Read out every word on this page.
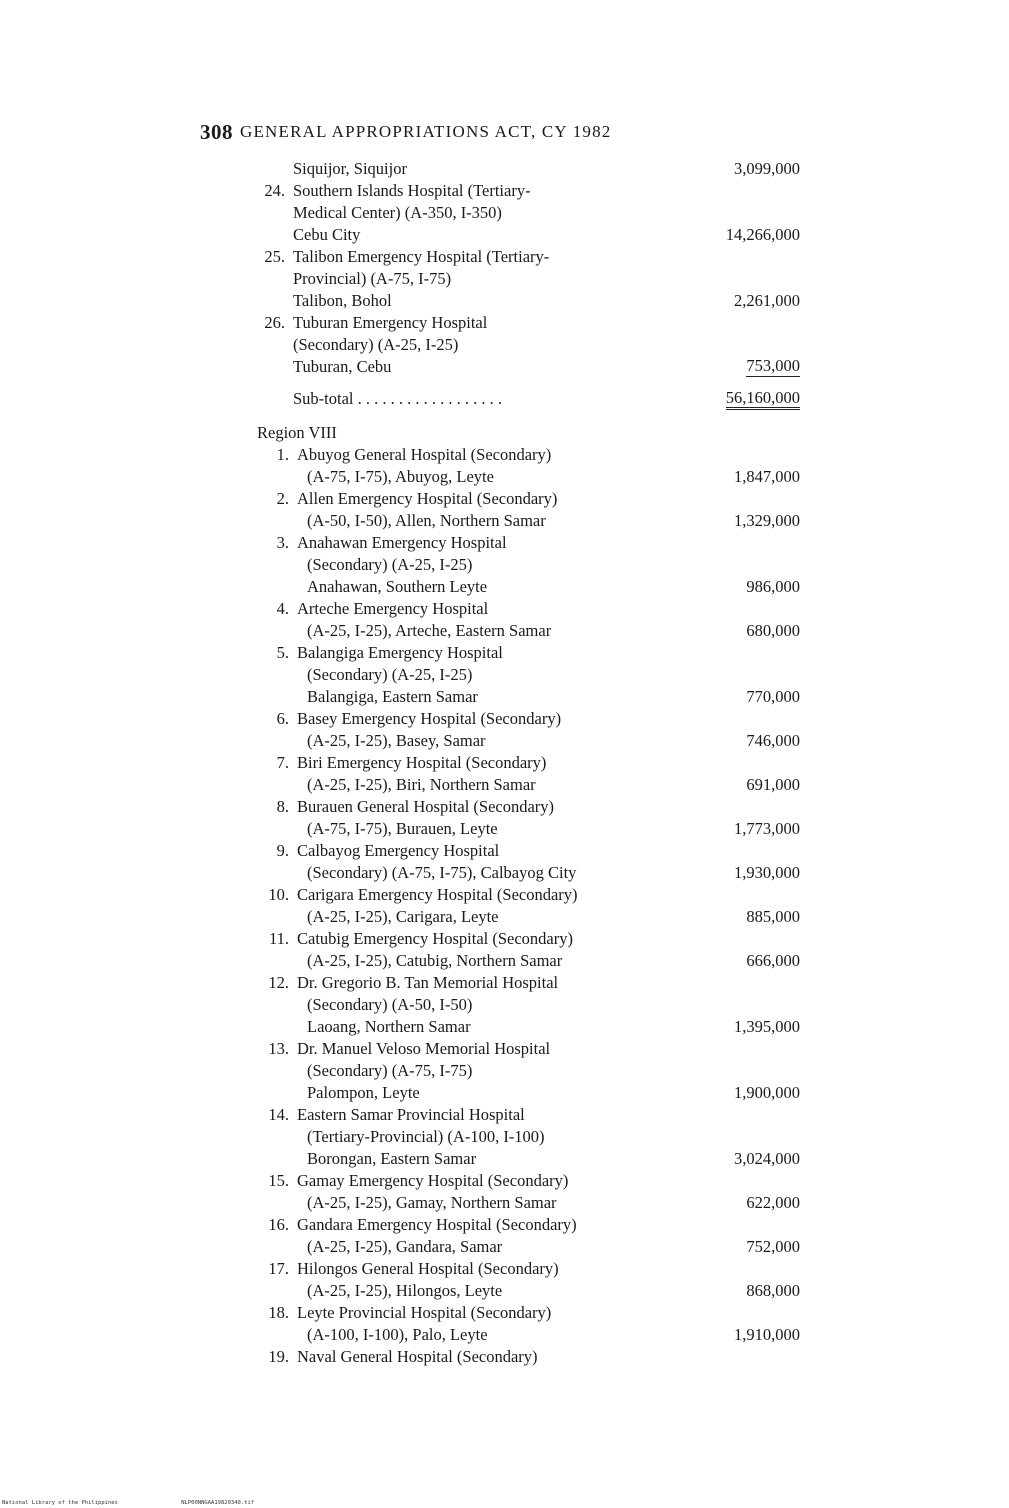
308 GENERAL APPROPRIATIONS ACT, CY 1982
Siquijor, Siquijor	3,099,000
24. Southern Islands Hospital (Tertiary-
Medical Center) (A-350, I-350)
Cebu City	14,266,000
25. Talibon Emergency Hospital (Tertiary-
Provincial) (A-75, I-75)
Talibon, Bohol	2,261,000
26. Tuburan Emergency Hospital
(Secondary) (A-25, I-25)
Tuburan, Cebu	753,000
Sub-total . . . . . . . . . . . . . . . . . .	56,160,000
Region VIII
1. Abuyog General Hospital (Secondary)
(A-75, I-75), Abuyog, Leyte	1,847,000
2. Allen Emergency Hospital (Secondary)
(A-50, I-50), Allen, Northern Samar	1,329,000
3. Anahawan Emergency Hospital
(Secondary) (A-25, I-25)
Anahawan, Southern Leyte	986,000
4. Arteche Emergency Hospital
(A-25, I-25), Arteche, Eastern Samar	680,000
5. Balangiga Emergency Hospital
(Secondary) (A-25, I-25)
Balangiga, Eastern Samar	770,000
6. Basey Emergency Hospital (Secondary)
(A-25, I-25), Basey, Samar	746,000
7. Biri Emergency Hospital (Secondary)
(A-25, I-25), Biri, Northern Samar	691,000
8. Burauen General Hospital (Secondary)
(A-75, I-75), Burauen, Leyte	1,773,000
9. Calbayog Emergency Hospital
(Secondary) (A-75, I-75), Calbayog City	1,930,000
10. Carigara Emergency Hospital (Secondary)
(A-25, I-25), Carigara, Leyte	885,000
11. Catubig Emergency Hospital (Secondary)
(A-25, I-25), Catubig, Northern Samar	666,000
12. Dr. Gregorio B. Tan Memorial Hospital
(Secondary) (A-50, I-50)
Laoang, Northern Samar	1,395,000
13. Dr. Manuel Veloso Memorial Hospital
(Secondary) (A-75, I-75)
Palompon, Leyte	1,900,000
14. Eastern Samar Provincial Hospital
(Tertiary-Provincial) (A-100, I-100)
Borongan, Eastern Samar	3,024,000
15. Gamay Emergency Hospital (Secondary)
(A-25, I-25), Gamay, Northern Samar	622,000
16. Gandara Emergency Hospital (Secondary)
(A-25, I-25), Gandara, Samar	752,000
17. Hilongos General Hospital (Secondary)
(A-25, I-25), Hilongos, Leyte	868,000
18. Leyte Provincial Hospital (Secondary)
(A-100, I-100), Palo, Leyte	1,910,000
19. Naval General Hospital (Secondary)
National Library of the Philippines	NLP00NNGAA19820340.tif
